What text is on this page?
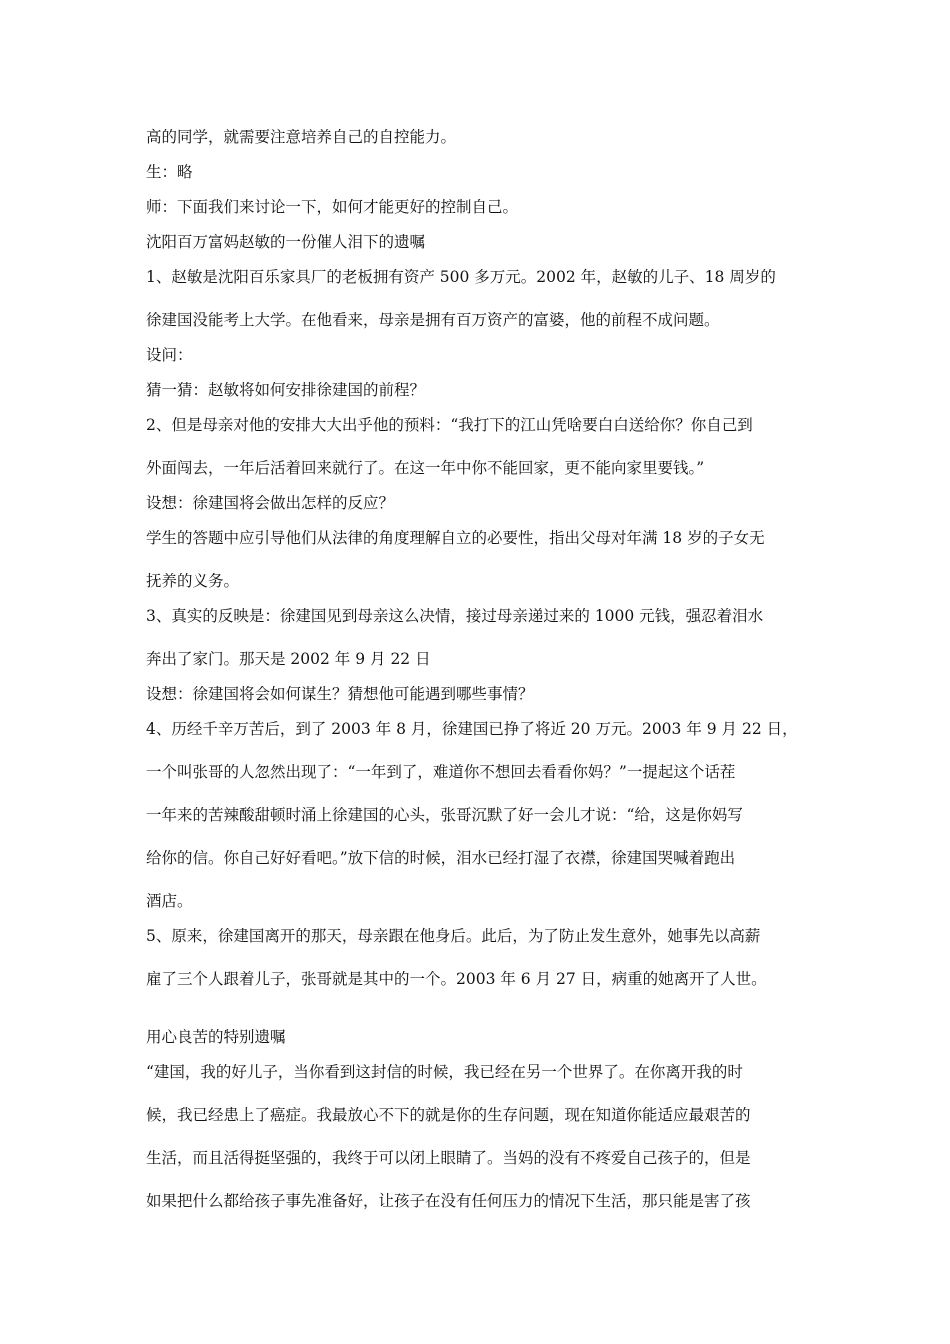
高的同学，就需要注意培养自己的自控能力。

生：略

师：下面我们来讨论一下，如何才能更好的控制自己。

沈阳百万富妈赵敏的一份催人泪下的遗嘱

1、赵敏是沈阳百乐家具厂的老板拥有资产 500 多万元。2002 年，赵敏的儿子、18 周岁的

徐建国没能考上大学。在他看来，母亲是拥有百万资产的富婆，他的前程不成问题。

设问：

猜一猜：赵敏将如何安排徐建国的前程？

2、但是母亲对他的安排大大出乎他的预料：“我打下的江山凭啥要白白送给你？你自己到

外面闯去，一年后活着回来就行了。在这一年中你不能回家，更不能向家里要钱。”

设想：徐建国将会做出怎样的反应？

学生的答题中应引导他们从法律的角度理解自立的必要性，指出父母对年满 18 岁的子女无

抚养的义务。

3、真实的反映是：徐建国见到母亲这么决情，接过母亲递过来的 1000 元钱，强忍着泪水

奔出了家门。那天是 2002 年 9 月 22 日

设想：徐建国将会如何谋生？猜想他可能遇到哪些事情？

4、历经千辛万苦后，到了 2003 年 8 月，徐建国已挣了将近 20 万元。2003 年 9 月 22 日，

一个叫张哥的人忽然出现了：“一年到了，难道你不想回去看看你妈？”一提起这个话茬

一年来的苦辣酸甜顿时涌上徐建国的心头，张哥沉默了好一会儿才说：“给，这是你妈写

给你的信。你自己好好看吧。”放下信的时候，泪水已经打湿了衣襟，徐建国哭喊着跑出

酒店。

5、原来，徐建国离开的那天，母亲跟在他身后。此后，为了防止发生意外，她事先以高薪

雇了三个人跟着儿子，张哥就是其中的一个。2003 年 6 月 27 日，病重的她离开了人世。

用心良苦的特别遗嘱

“建国，我的好儿子，当你看到这封信的时候，我已经在另一个世界了。在你离开我的时

候，我已经患上了癌症。我最放心不下的就是你的生存问题，现在知道你能适应最艰苦的

生活，而且活得挺坚强的，我终于可以闭上眼睛了。当妈的没有不疼爱自己孩子的，但是

如果把什么都给孩子事先准备好，让孩子在没有任何压力的情况下生活，那只能是害了孩
